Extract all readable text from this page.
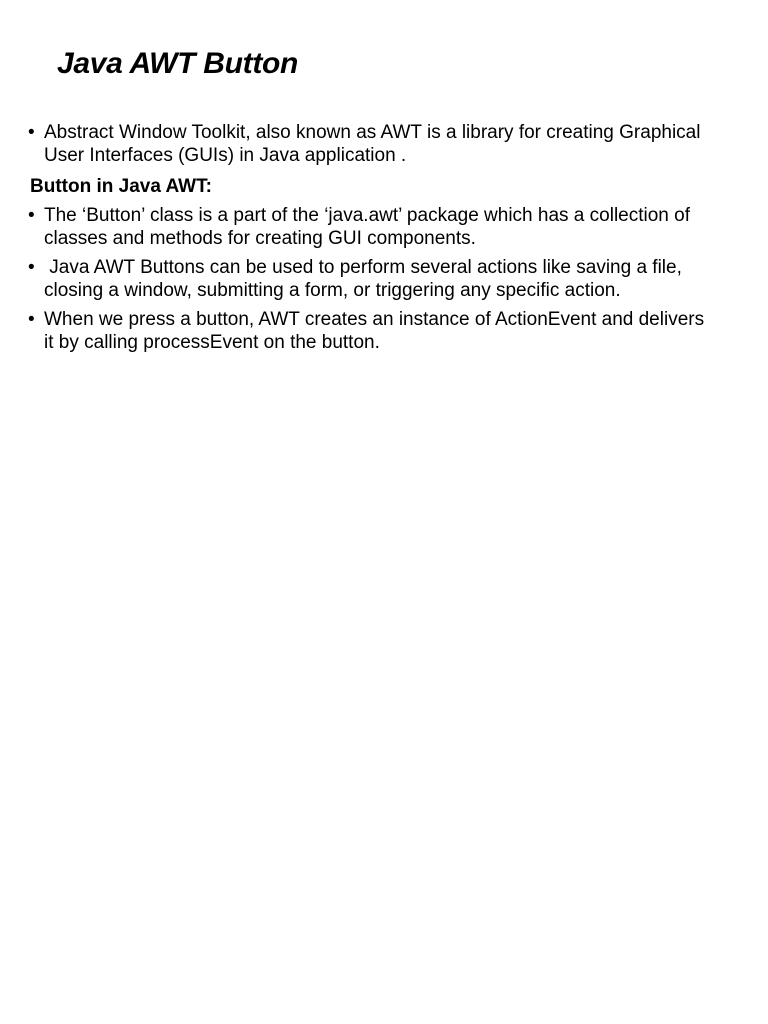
Java AWT Button
• Abstract Window Toolkit, also known as AWT is a library for creating Graphical User Interfaces (GUIs) in Java application .
Button in Java AWT:
• The ‘Button’ class is a part of the ‘java.awt’ package which has a collection of classes and methods for creating GUI components.
• Java AWT Buttons can be used to perform several actions like saving a file, closing a window, submitting a form, or triggering any specific action.
• When we press a button, AWT creates an instance of ActionEvent and delivers it by calling processEvent on the button.
